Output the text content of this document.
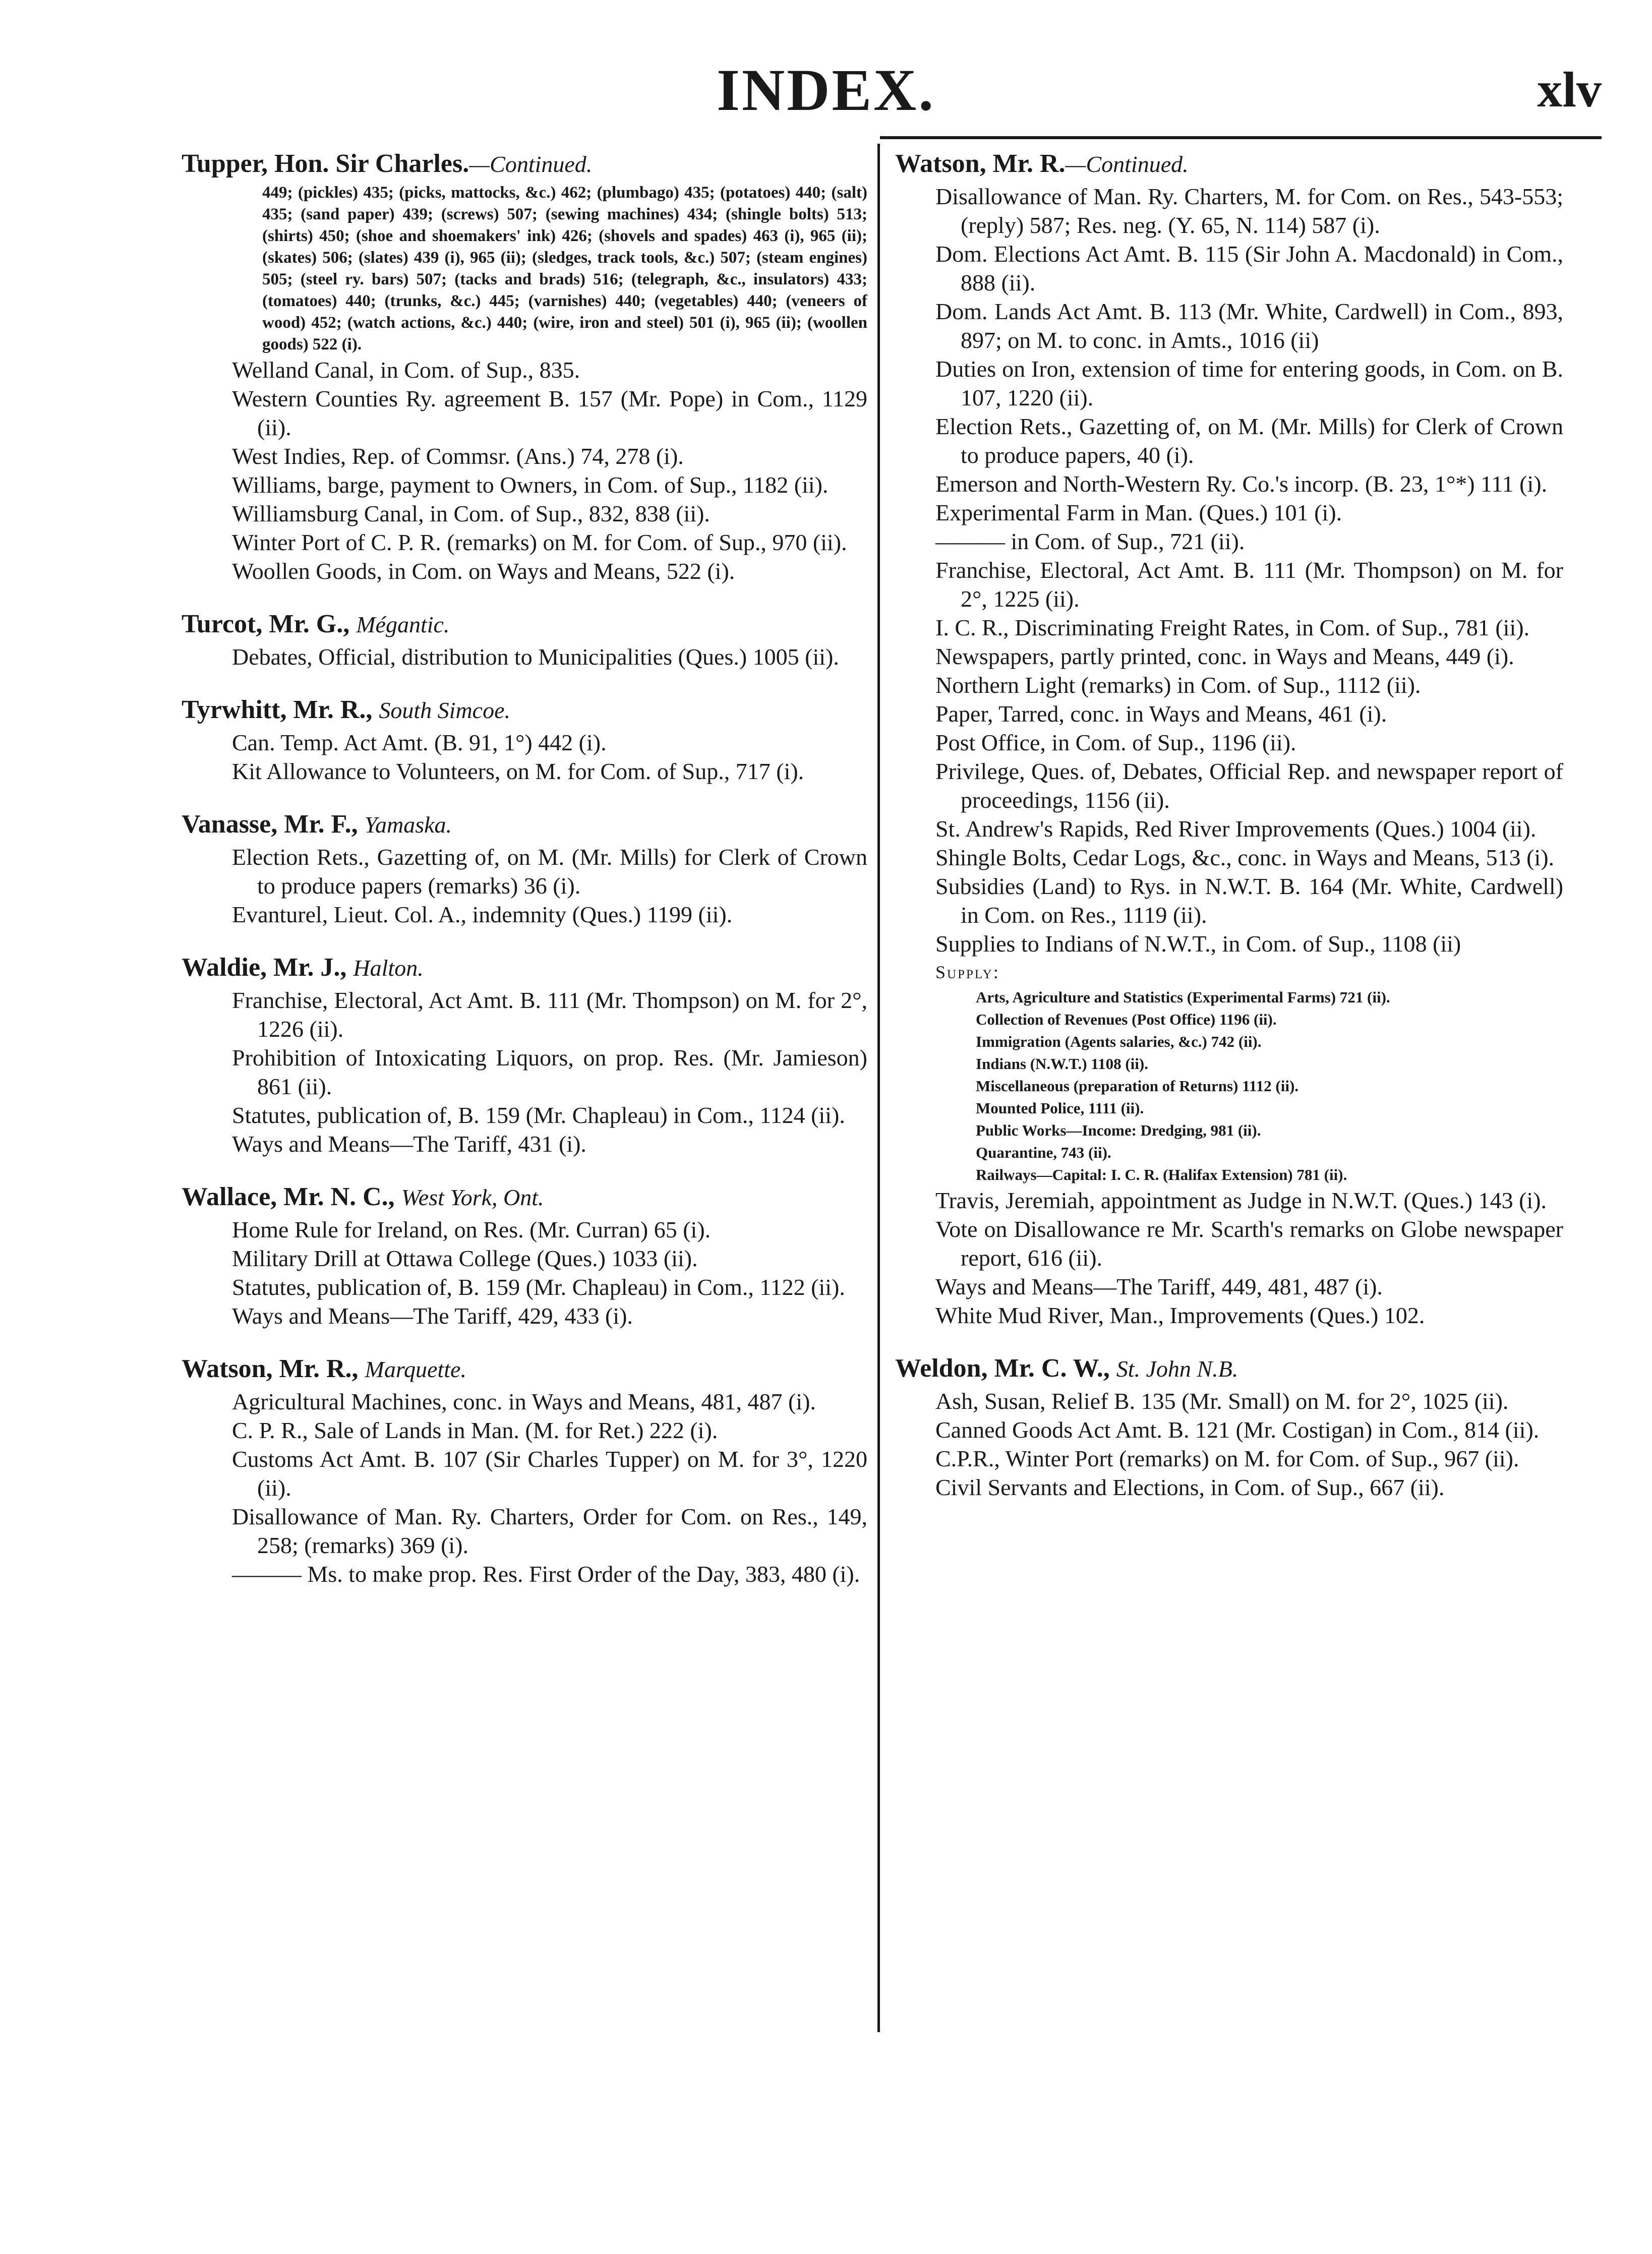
INDEX.	xlv
Tupper, Hon. Sir Charles.—Continued.
449; (pickles) 435; (picks, mattocks, &c.) 462; (plumbago) 435; (potatoes) 440; (salt) 435; (sand paper) 439; (screws) 507; (sewing machines) 434; (shingle bolts) 513; (shirts) 450; (shoe and shoemakers' ink) 426; (shovels and spades) 463 (i), 965 (ii); (skates) 506; (slates) 439 (i), 965 (ii); (sledges, track tools, &c.) 507; (steam engines) 505; (steel ry. bars) 507; (tacks and brads) 516; (telegraph, &c., insulators) 433; (tomatoes) 440; (trunks, &c.) 445; (varnishes) 440; (vegetables) 440; (veneers of wood) 452; (watch actions, &c.) 440; (wire, iron and steel) 501 (i), 965 (ii); (woollen goods) 522 (i).
Welland Canal, in Com. of Sup., 835.
Western Counties Ry. agreement B. 157 (Mr. Pope) in Com., 1129 (ii).
West Indies, Rep. of Commsr. (Ans.) 74, 278 (i).
Williams, barge, payment to Owners, in Com. of Sup., 1182 (ii).
Williamsburg Canal, in Com. of Sup., 832, 838 (ii).
Winter Port of C. P. R. (remarks) on M. for Com. of Sup., 970 (ii).
Woollen Goods, in Com. on Ways and Means, 522 (i).
Turcot, Mr. G., Mégantic.
Debates, Official, distribution to Municipalities (Ques.) 1005 (ii).
Tyrwhitt, Mr. R., South Simcoe.
Can. Temp. Act Amt. (B. 91, 1°) 442 (i).
Kit Allowance to Volunteers, on M. for Com. of Sup., 717 (i).
Vanasse, Mr. F., Yamaska.
Election Rets., Gazetting of, on M. (Mr. Mills) for Clerk of Crown to produce papers (remarks) 36 (i).
Evanturel, Lieut. Col. A., indemnity (Ques.) 1199 (ii).
Waldie, Mr. J., Halton.
Franchise, Electoral, Act Amt. B. 111 (Mr. Thompson) on M. for 2°, 1226 (ii).
Prohibition of Intoxicating Liquors, on prop. Res. (Mr. Jamieson) 861 (ii).
Statutes, publication of, B. 159 (Mr. Chapleau) in Com., 1124 (ii).
Ways and Means—The Tariff, 431 (i).
Wallace, Mr. N. C., West York, Ont.
Home Rule for Ireland, on Res. (Mr. Curran) 65 (i).
Military Drill at Ottawa College (Ques.) 1033 (ii).
Statutes, publication of, B. 159 (Mr. Chapleau) in Com., 1122 (ii).
Ways and Means—The Tariff, 429, 433 (i).
Watson, Mr. R., Marquette.
Agricultural Machines, conc. in Ways and Means, 481, 487 (i).
C. P. R., Sale of Lands in Man. (M. for Ret.) 222 (i).
Customs Act Amt. B. 107 (Sir Charles Tupper) on M. for 3°, 1220 (ii).
Disallowance of Man. Ry. Charters, Order for Com. on Res., 149, 258; (remarks) 369 (i).
——— Ms. to make prop. Res. First Order of the Day, 383, 480 (i).
Watson, Mr. R.—Continued.
Disallowance of Man. Ry. Charters, M. for Com. on Res., 543-553; (reply) 587; Res. neg. (Y. 65, N. 114) 587 (i).
Dom. Elections Act Amt. B. 115 (Sir John A. Macdonald) in Com., 888 (ii).
Dom. Lands Act Amt. B. 113 (Mr. White, Cardwell) in Com., 893, 897; on M. to conc. in Amts., 1016 (ii)
Duties on Iron, extension of time for entering goods, in Com. on B. 107, 1220 (ii).
Election Rets., Gazetting of, on M. (Mr. Mills) for Clerk of Crown to produce papers, 40 (i).
Emerson and North-Western Ry. Co.'s incorp. (B. 23, 1°*) 111 (i).
Experimental Farm in Man. (Ques.) 101 (i).
——— in Com. of Sup., 721 (ii).
Franchise, Electoral, Act Amt. B. 111 (Mr. Thompson) on M. for 2°, 1225 (ii).
I. C. R., Discriminating Freight Rates, in Com. of Sup., 781 (ii).
Newspapers, partly printed, conc. in Ways and Means, 449 (i).
Northern Light (remarks) in Com. of Sup., 1112 (ii).
Paper, Tarred, conc. in Ways and Means, 461 (i).
Post Office, in Com. of Sup., 1196 (ii).
Privilege, Ques. of, Debates, Official Rep. and newspaper report of proceedings, 1156 (ii).
St. Andrew's Rapids, Red River Improvements (Ques.) 1004 (ii).
Shingle Bolts, Cedar Logs, &c., conc. in Ways and Means, 513 (i).
Subsidies (Land) to Rys. in N.W.T. B. 164 (Mr. White, Cardwell) in Com. on Res., 1119 (ii).
Supplies to Indians of N.W.T., in Com. of Sup., 1108 (ii)
Supply:
Arts, Agriculture and Statistics (Experimental Farms) 721 (ii).
Collection of Revenues (Post Office) 1196 (ii).
Immigration (Agents salaries, &c.) 742 (ii).
Indians (N.W.T.) 1108 (ii).
Miscellaneous (preparation of Returns) 1112 (ii).
Mounted Police, 1111 (ii).
Public Works—Income: Dredging, 981 (ii).
Quarantine, 743 (ii).
Railways—Capital: I. C. R. (Halifax Extension) 781 (ii).
Travis, Jeremiah, appointment as Judge in N.W.T. (Ques.) 143 (i).
Vote on Disallowance re Mr. Scarth's remarks on Globe newspaper report, 616 (ii).
Ways and Means—The Tariff, 449, 481, 487 (i).
White Mud River, Man., Improvements (Ques.) 102.
Weldon, Mr. C. W., St. John N.B.
Ash, Susan, Relief B. 135 (Mr. Small) on M. for 2°, 1025 (ii).
Canned Goods Act Amt. B. 121 (Mr. Costigan) in Com., 814 (ii).
C.P.R., Winter Port (remarks) on M. for Com. of Sup., 967 (ii).
Civil Servants and Elections, in Com. of Sup., 667 (ii).
